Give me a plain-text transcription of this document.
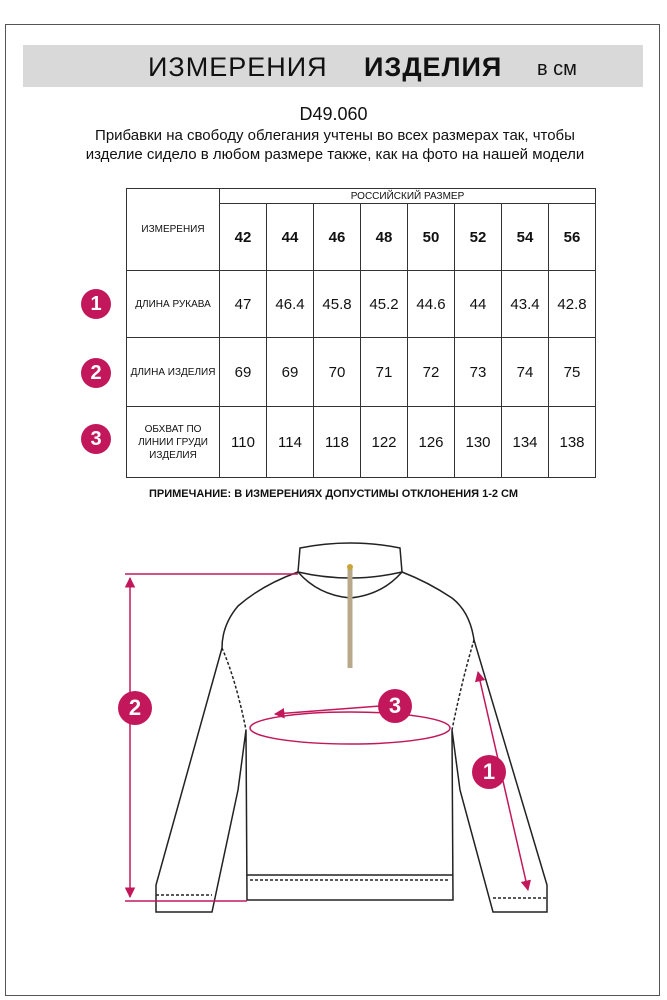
ИЗМЕРЕНИЯ ИЗДЕЛИЯ в см
D49.060
Прибавки на свободу облегания учтены во всех размерах так, чтобы изделие сидело в любом размере также, как на фото на нашей модели
ИЗМЕРЕНИЯ	РОССИЙСКИЙ РАЗМЕР							
	42	44	46	48	50	52	54	56
ДЛИНА РУКАВА	47	46.4	45.8	45.2	44.6	44	43.4	42.8
ДЛИНА ИЗДЕЛИЯ	69	69	70	71	72	73	74	75
ОБХВАТ ПО ЛИНИИ ГРУДИ ИЗДЕЛИЯ	110	114	118	122	126	130	134	138
1
2
3
ПРИМЕЧАНИЕ: В ИЗМЕРЕНИЯХ ДОПУСТИМЫ ОТКЛОНЕНИЯ 1-2 СМ
2	3
1
